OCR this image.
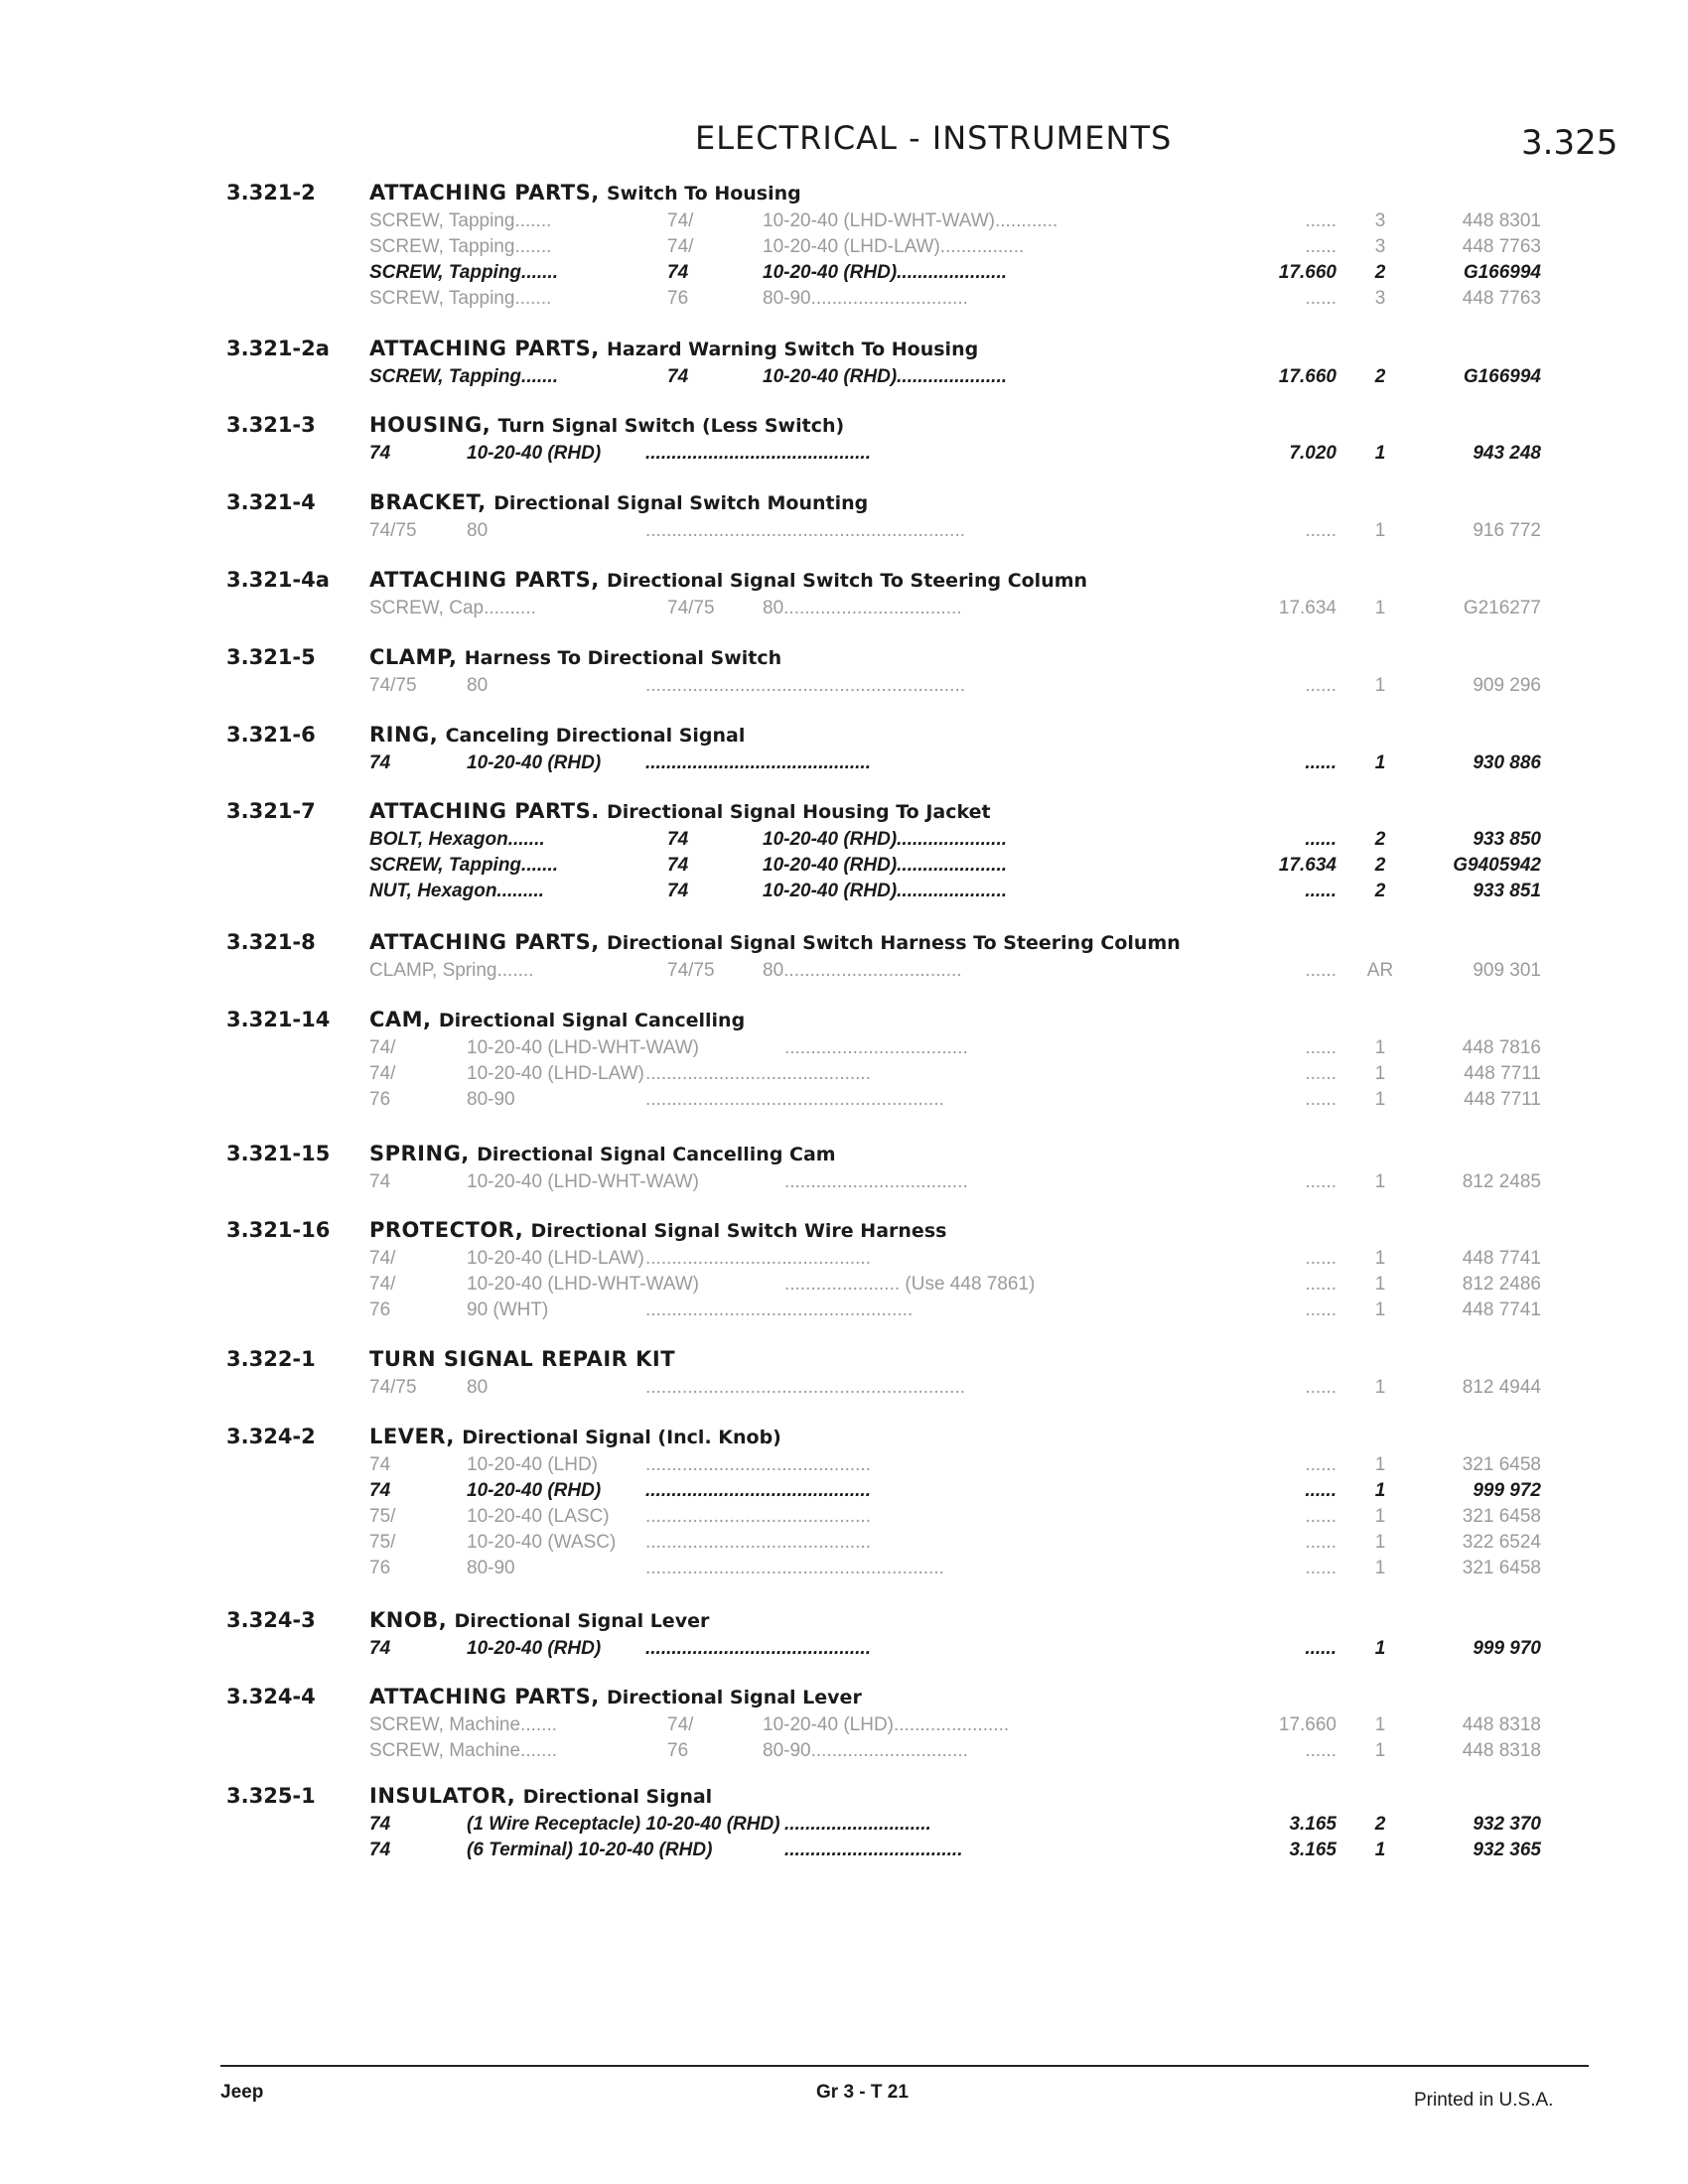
ELECTRICAL - INSTRUMENTS	3.325
3.321-2	ATTACHING PARTS, Switch To Housing
SCREW, Tapping.......	74/	10-20-40 (LHD-WHT-WAW)............	......	3	448 8301
SCREW, Tapping.......	74/	10-20-40 (LHD-LAW)................	......	3	448 7763
SCREW, Tapping.......	74	10-20-40 (RHD).....................	17.660	2	G166994
SCREW, Tapping.......	76	80-90..............................	......	3	448 7763
3.321-2a ATTACHING PARTS, Hazard Warning Switch To Housing
SCREW, Tapping.......	74	10-20-40 (RHD).....................	17.660	2	G166994
3.321-3	HOUSING, Turn Signal Switch (Less Switch)
74	10-20-40 (RHD) ...........................................	7.020	1	943 248
3.321-4	BRACKET, Directional Signal Switch Mounting
74/75	80	.............................................................	......	1	916 772
3.321-4a ATTACHING PARTS, Directional Signal Switch To Steering Column
SCREW, Cap..........	74/75	80..................................	17.634	1	G216277
3.321-5	CLAMP, Harness To Directional Switch
74/75	80	.............................................................	......	1	909 296
3.321-6	RING, Canceling Directional Signal
74	10-20-40 (RHD) ...........................................	......	1	930 886
3.321-7	ATTACHING PARTS. Directional Signal Housing To Jacket
BOLT, Hexagon.......	74	10-20-40 (RHD).....................	......	2	933 850
SCREW, Tapping.......	74	10-20-40 (RHD).....................	17.634	2	G9405942
NUT, Hexagon.........	74	10-20-40 (RHD).....................	......	2	933 851
3.321-8	ATTACHING PARTS, Directional Signal Switch Harness To Steering Column
CLAMP, Spring.......	74/75	80..................................	......	AR	909 301
3.321-14 CAM, Directional Signal Cancelling
74/	10-20-40 (LHD-WHT-WAW)	...................................	......	1	448 7816
74/	10-20-40 (LHD-LAW) ...........................................	......	1	448 7711
76	80-90	.........................................................	......	1	448 7711
3.321-15 SPRING, Directional Signal Cancelling Cam
74	10-20-40 (LHD-WHT-WAW)	...................................	......	1	812 2485
3.321-16 PROTECTOR, Directional Signal Switch Wire Harness
74/	10-20-40 (LHD-LAW) ...........................................	......	1	448 7741
74/	10-20-40 (LHD-WHT-WAW)	...................... (Use 448 7861)	......	1	812 2486
76	90 (WHT)	...................................................	......	1	448 7741
3.322-1	TURN SIGNAL REPAIR KIT
74/75	80	.............................................................	......	1	812 4944
3.324-2	LEVER, Directional Signal (Incl. Knob)
74	10-20-40 (LHD)	...........................................	......	1	321 6458
74	10-20-40 (RHD) ...........................................	......	1	999 972
75/	10-20-40 (LASC) ...........................................	......	1	321 6458
75/	10-20-40 (WASC) ...........................................	......	1	322 6524
76	80-90	.........................................................	......	1	321 6458
3.324-3	KNOB, Directional Signal Lever
74	10-20-40 (RHD) ...........................................	......	1	999 970
3.324-4	ATTACHING PARTS, Directional Signal Lever
SCREW, Machine.......	74/	10-20-40 (LHD)......................	17.660	1	448 8318
SCREW, Machine.......	76	80-90..............................	......	1	448 8318
3.325-1	INSULATOR, Directional Signal
74	(1 Wire Receptacle) 10-20-40 (RHD) ............................	3.165	2	932 370
74	(6 Terminal) 10-20-40 (RHD)	..................................	3.165	1	932 365
Jeep	Gr 3 - T 21	Printed in U.S.A.
